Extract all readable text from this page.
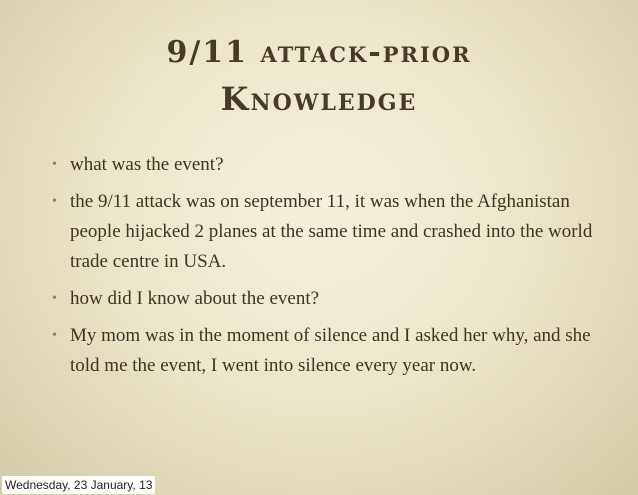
9/11 attack-prior
Knowledge
• what was the event?
• the 9/11 attack was on september 11, it was when the Afghanistan people hijacked 2 planes at the same time and crashed into the world trade centre in USA.
• how did I know about the event?
• My mom was in the moment of silence and I asked her why, and she told me the event, I went into silence every year now.
Wednesday, 23 January, 13
